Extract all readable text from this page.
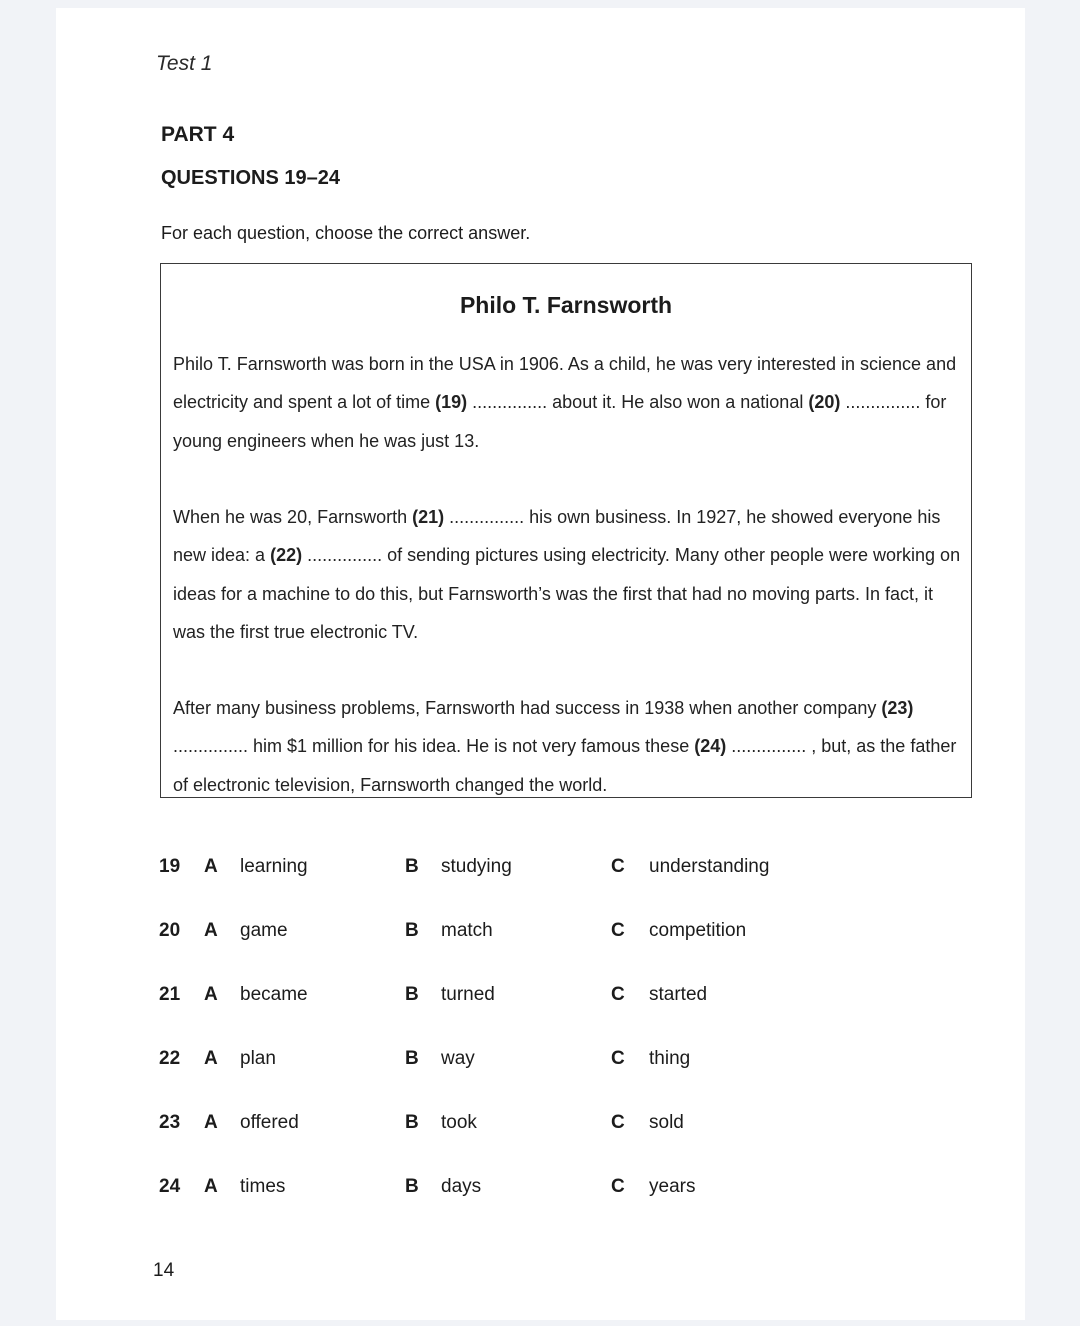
Test 1
PART 4
QUESTIONS 19–24
For each question, choose the correct answer.
Philo T. Farnsworth
Philo T. Farnsworth was born in the USA in 1906. As a child, he was very interested in science and electricity and spent a lot of time (19) ............... about it. He also won a national (20) ............... for young engineers when he was just 13.
When he was 20, Farnsworth (21) ............... his own business. In 1927, he showed everyone his new idea: a (22) ............... of sending pictures using electricity. Many other people were working on ideas for a machine to do this, but Farnsworth’s was the first that had no moving parts. In fact, it was the first true electronic TV.
After many business problems, Farnsworth had success in 1938 when another company (23) ............... him $1 million for his idea. He is not very famous these (24) ............... , but, as the father of electronic television, Farnsworth changed the world.
19 A learning	B studying	C understanding
20 A game	B match	C competition
21 A became	B turned	C started
22 A plan	B way	C thing
23 A offered	B took	C sold
24 A times	B days	C years
14
